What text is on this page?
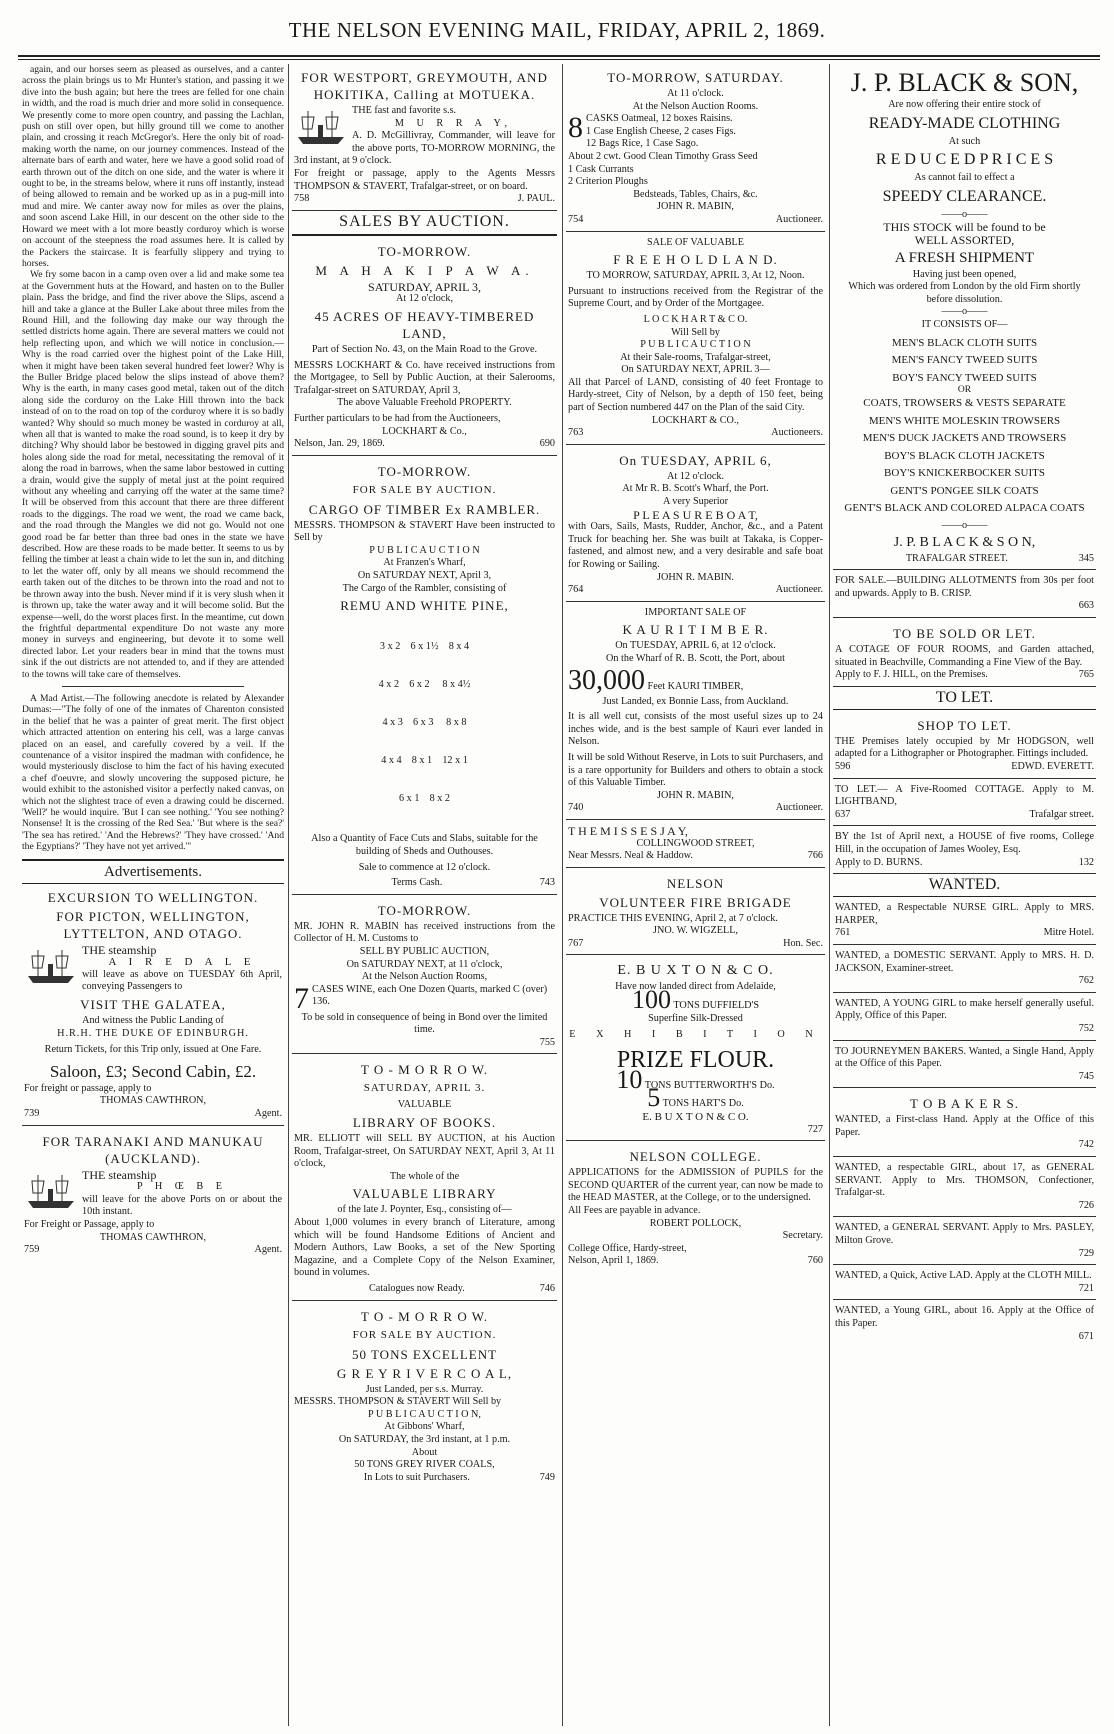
THE NELSON EVENING MAIL, FRIDAY, APRIL 2, 1869.

again, and our horses seem as pleased as ourselves, and a canter across the plain brings us to Mr Hunter's station, and passing it we dive into the bush again; but here the trees are felled for one chain in width, and the road is much drier and more solid in consequence. We presently come to more open country, and passing the Lachlan, push on still over open, but hilly ground till we come to another plain, and crossing it reach McGregor's. Here the only bit of road-making worth the name, on our journey commences. Instead of the alternate bars of earth and water, here we have a good solid road of earth thrown out of the ditch on one side, and the water is where it ought to be, in the streams below, where it runs off instantly, instead of being allowed to remain and be worked up as in a pug-mill into mud and mire. We canter away now for miles as over the plains, and soon ascend Lake Hill, in our descent on the other side to the Howard we meet with a lot more beastly corduroy which is worse on account of the steepness the road assumes here. It is called by the Packers the staircase. It is fearfully slippery and trying to horses.

We fry some bacon in a camp oven over a lid and make some tea at the Government huts at the Howard, and hasten on to the Buller plain. Pass the bridge, and find the river above the Slips, ascend a hill and take a glance at the Buller Lake about three miles from the Round Hill, and the following day make our way through the settled districts home again. There are several matters we could not help reflecting upon, and which we will notice in conclusion.—Why is the road carried over the highest point of the Lake Hill, when it might have been taken several hundred feet lower? Why is the Buller Bridge placed below the slips instead of above them? Why is the earth, in many cases good metal, taken out of the ditch along side the corduroy on the Lake Hill thrown into the back instead of on to the road on top of the corduroy where it is so badly wanted? Why should so much money be wasted in corduroy at all, when all that is wanted to make the road sound, is to keep it dry by ditching? Why should labor be bestowed in digging gravel pits and holes along side the road for metal, necessitating the removal of it along the road in barrows, when the same labor bestowed in cutting a drain, would give the supply of metal just at the point required without any wheeling and carrying off the water at the same time? It will be observed from this account that there are three different roads to the diggings. The road we went, the road we came back, and the road through the Mangles we did not go. Would not one good road be far better than three bad ones in the state we have described. How are these roads to be made better. It seems to us by felling the timber at least a chain wide to let the sun in, and ditching to let the water off, only by all means we should recommend the earth taken out of the ditches to be thrown into the road and not to be thrown away into the bush. Never mind if it is very slush when it is thrown up, take the water away and it will become solid. But the expense—well, do the worst places first. In the meantime, cut down the frightful departmental expenditure Do not waste any more money in surveys and engineering, but devote it to some well directed labor. Let your readers bear in mind that the towns must sink if the out districts are not attended to, and if they are attended to the towns will take care of themselves.

A Mad Artist.—The following anecdote is related by Alexander Dumas:—"The folly of one of the inmates of Charenton consisted in the belief that he was a painter of great merit. The first object which attracted attention on entering his cell, was a large canvas placed on an easel, and carefully covered by a veil. If the countenance of a visitor inspired the madman with confidence, he would mysteriously disclose to him the fact of his having executed a chef d'oeuvre, and slowly uncovering the supposed picture, he would exhibit to the astonished visitor a perfectly naked canvas, on which not the slightest trace of even a drawing could be discerned. 'Well?' he would inquire. 'But I can see nothing.' 'You see nothing? Nonsense! It is the crossing of the Red Sea.' 'But where is the sea?' 'The sea has retired.' 'And the Hebrews?' 'They have crossed.' 'And the Egyptians?' 'They have not yet arrived.'"

Advertisements.
EXCURSION TO WELLINGTON.
FOR PICTON, WELLINGTON, LYTTELTON, AND OTAGO.
THE steamship
A I R E D A L E
will leave as above on TUESDAY 6th April, conveying Passengers to
VISIT THE GALATEA,
And witness the Public Landing of
H.R.H. THE DUKE OF EDINBURGH.
Return Tickets, for this Trip only, issued at One Fare.
Saloon, £3; Second Cabin, £2.
For freight or passage, apply to
THOMAS CAWTHRON,
739	Agent.
FOR TARANAKI AND MANUKAU (AUCKLAND).
THE steamship
P H Œ B E
will leave for the above Ports on or about the 10th instant.
For Freight or Passage, apply to
THOMAS CAWTHRON,
759	Agent.
FOR WESTPORT, GREYMOUTH, AND HOKITIKA, Calling at MOTUEKA.
THE fast and favorite s.s.
M U R R A Y,
A. D. McGillivray, Commander, will leave for the above ports, TO-MORROW MORNING, the 3rd instant, at 9 o'clock.
For freight or passage, apply to the Agents Messrs THOMPSON & STAVERT, Trafalgar-street, or on board.
758	J. PAUL.
SALES BY AUCTION.
TO-MORROW.
M A H A K I P A W A.
SATURDAY, APRIL 3,
At 12 o'clock,
45 ACRES OF HEAVY-TIMBERED LAND,
Part of Section No. 43, on the Main Road to the Grove.
MESSRS LOCKHART & Co. have received instructions from the Mortgagee, to Sell by Public Auction, at their Salerooms, Trafalgar-street on SATURDAY, April 3,
The above Valuable Freehold PROPERTY.
Further particulars to be had from the Auctioneers,
LOCKHART & Co.,
Nelson, Jan. 29, 1869.	690
TO-MORROW.
FOR SALE BY AUCTION.
CARGO OF TIMBER Ex RAMBLER.
MESSRS. THOMPSON & STAVERT Have been instructed to Sell by
P U B L I C A U C T I O N
At Franzen's Wharf,
On SATURDAY NEXT, April 3,
The Cargo of the Rambler, consisting of
REMU AND WHITE PINE,

3 x 2    6 x 1½    8 x 4

4 x 2    6 x 2     8 x 4½

4 x 3    6 x 3     8 x 8

4 x 4    8 x 1    12 x 1

6 x 1    8 x 2

Also a Quantity of Face Cuts and Slabs, suitable for the building of Sheds and Outhouses.
Sale to commence at 12 o'clock.
Terms Cash.	743
TO-MORROW.
MR. JOHN R. MABIN has received instructions from the Collector of H. M. Customs to
SELL BY PUBLIC AUCTION,
On SATURDAY NEXT, at 11 o'clock,
At the Nelson Auction Rooms,
7 CASES WINE, each One Dozen Quarts, marked C (over) 136.
To be sold in consequence of being in Bond over the limited time.
755
T O - M O R R O W.
SATURDAY, APRIL 3.
VALUABLE
LIBRARY OF BOOKS.
MR. ELLIOTT will SELL BY AUCTION, at his Auction Room, Trafalgar-street, On SATURDAY NEXT, April 3, At 11 o'clock,
The whole of the
VALUABLE LIBRARY
of the late J. Poynter, Esq., consisting of—
About 1,000 volumes in every branch of Literature, among which will be found Handsome Editions of Ancient and Modern Authors, Law Books, a set of the New Sporting Magazine, and a Complete Copy of the Nelson Examiner, bound in volumes.
Catalogues now Ready.	746
T O - M O R R O W.
FOR SALE BY AUCTION.
50 TONS EXCELLENT
G R E Y R I V E R C O A L,
Just Landed, per s.s. Murray.
MESSRS. THOMPSON & STAVERT Will Sell by
P U B L I C A U C T I O N,
At Gibbons' Wharf,
On SATURDAY, the 3rd instant, at 1 p.m.
About
50 TONS GREY RIVER COALS,
In Lots to suit Purchasers.	749
TO-MORROW, SATURDAY.
At 11 o'clock.
At the Nelson Auction Rooms.
8 CASKS Oatmeal, 12 boxes Raisins.
1 Case English Cheese, 2 cases Figs.
12 Bags Rice, 1 Case Sago.
About 2 cwt. Good Clean Timothy Grass Seed
1 Cask Currants
2 Criterion Ploughs
Bedsteads, Tables, Chairs, &c.
JOHN R. MABIN,
754	Auctioneer.
SALE OF VALUABLE
F R E E H O L D L A N D.
TO MORROW, SATURDAY, APRIL 3, At 12, Noon.
Pursuant to instructions received from the Registrar of the Supreme Court, and by Order of the Mortgagee.
L O C K H A R T & C O.
Will Sell by
P U B L I C A U C T I O N
At their Sale-rooms, Trafalgar-street,
On SATURDAY NEXT, APRIL 3—
All that Parcel of LAND, consisting of 40 feet Frontage to Hardy-street, City of Nelson, by a depth of 150 feet, being part of Section numbered 447 on the Plan of the said City.
LOCKHART & CO.,
763	Auctioneers.
On TUESDAY, APRIL 6,
At 12 o'clock.
At Mr R. B. Scott's Wharf, the Port.
A very Superior
P L E A S U R E B O A T,
with Oars, Sails, Masts, Rudder, Anchor, &c., and a Patent Truck for beaching her. She was built at Takaka, is Copper-fastened, and almost new, and a very desirable and safe boat for Rowing or Sailing.
JOHN R. MABIN.
764	Auctioneer.
IMPORTANT SALE OF
K A U R I T I M B E R.
On TUESDAY, APRIL 6, at 12 o'clock.
On the Wharf of R. B. Scott, the Port, about
30,000 Feet KAURI TIMBER,
Just Landed, ex Bonnie Lass, from Auckland.
It is all well cut, consists of the most useful sizes up to 24 inches wide, and is the best sample of Kauri ever landed in Nelson.
It will be sold Without Reserve, in Lots to suit Purchasers, and is a rare opportunity for Builders and others to obtain a stock of this Valuable Timber.
JOHN R. MABIN,
740	Auctioneer.
T H E M I S S E S J A Y,
COLLINGWOOD STREET,
Near Messrs. Neal & Haddow.	766
NELSON
VOLUNTEER FIRE BRIGADE
PRACTICE THIS EVENING, April 2, at 7 o'clock.
JNO. W. WIGZELL,
767	Hon. Sec.
E. B U X T O N & C O.
Have now landed direct from Adelaide,
100 TONS DUFFIELD'S
Superfine Silk-Dressed
E X H I B I T I O N
PRIZE FLOUR.
10 TONS BUTTERWORTH'S Do.
5 TONS HART'S Do.
E. B U X T O N & C O.
727
NELSON COLLEGE.
APPLICATIONS for the ADMISSION of PUPILS for the SECOND QUARTER of the current year, can now be made to the HEAD MASTER, at the College, or to the undersigned.
All Fees are payable in advance.
ROBERT POLLOCK,
Secretary.
College Office, Hardy-street,
Nelson, April 1, 1869.	760
J. P. BLACK & SON,
Are now offering their entire stock of
READY-MADE CLOTHING
At such
R E D U C E D P R I C E S
As cannot fail to effect a
SPEEDY CLEARANCE.
——o——
THIS STOCK will be found to be
WELL ASSORTED,
A FRESH SHIPMENT
Having just been opened,
Which was ordered from London by the old Firm shortly before dissolution.
——o——
IT CONSISTS OF—
MEN'S BLACK CLOTH SUITS
MEN'S FANCY TWEED SUITS
BOY'S FANCY TWEED SUITS
OR
COATS, TROWSERS & VESTS SEPARATE
MEN'S WHITE MOLESKIN TROWSERS
MEN'S DUCK JACKETS AND TROWSERS
BOY'S BLACK CLOTH JACKETS
BOY'S KNICKERBOCKER SUITS
GENT'S PONGEE SILK COATS
GENT'S BLACK AND COLORED ALPACA COATS
——o——
J. P. B L A C K & S O N,
TRAFALGAR STREET.	345
FOR SALE.—BUILDING ALLOTMENTS from 30s per foot and upwards. Apply to B. CRISP.
663
TO BE SOLD OR LET.
A COTAGE OF FOUR ROOMS, and Garden attached, situated in Beachville, Commanding a Fine View of the Bay.
Apply to F. J. HILL, on the Premises.	765
TO LET.
SHOP TO LET.
THE Premises lately occupied by Mr HODGSON, well adapted for a Lithographer or Photographer. Fittings included.
596	EDWD. EVERETT.
TO LET.— A Five-Roomed COTTAGE. Apply to M. LIGHTBAND,
637	Trafalgar street.
BY the 1st of April next, a HOUSE of five rooms, College Hill, in the occupation of James Wooley, Esq.
Apply to D. BURNS.	132
WANTED.
WANTED, a Respectable NURSE GIRL. Apply to MRS. HARPER,
761	Mitre Hotel.
WANTED, a DOMESTIC SERVANT. Apply to MRS. H. D. JACKSON, Examiner-street.
762
WANTED, A YOUNG GIRL to make herself generally useful. Apply, Office of this Paper.
752
TO JOURNEYMEN BAKERS. Wanted, a Single Hand, Apply at the Office of this Paper.
745
T O B A K E R S.
WANTED, a First-class Hand. Apply at the Office of this Paper.
742
WANTED, a respectable GIRL, about 17, as GENERAL SERVANT. Apply to Mrs. THOMSON, Confectioner, Trafalgar-st.
726
WANTED, a GENERAL SERVANT. Apply to Mrs. PASLEY, Milton Grove.
729
WANTED, a Quick, Active LAD. Apply at the CLOTH MILL.
721
WANTED, a Young GIRL, about 16. Apply at the Office of this Paper.
671
